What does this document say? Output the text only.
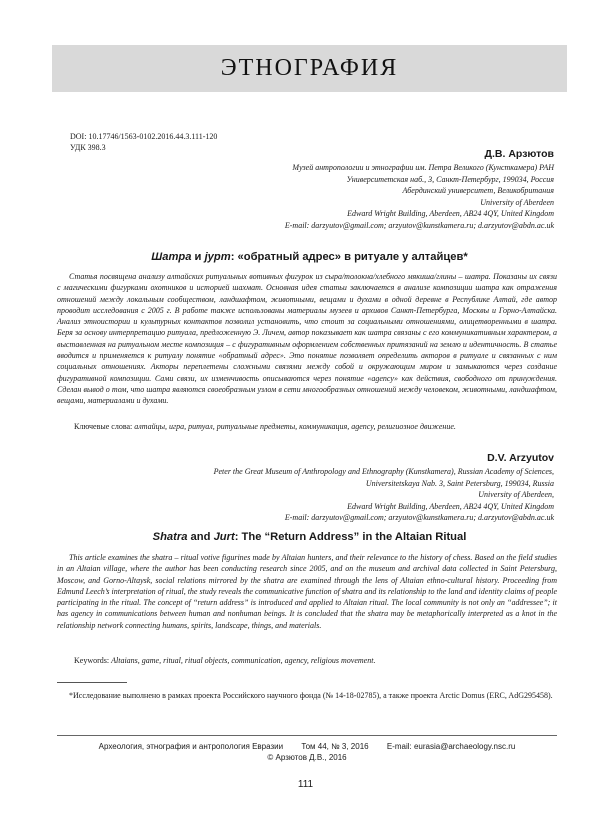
ЭТНОГРАФИЯ
DOI: 10.17746/1563-0102.2016.44.3.111-120
УДК 398.3
Д.В. Арзютов
Музей антропологии и этнографии им. Петра Великого (Кунсткамера) РАН
Университетская наб., 3, Санкт-Петербург, 199034, Россия
Абердинский университет, Великобритания
University of Aberdeen
Edward Wright Building, Aberdeen, AB24 4QY, United Kingdom
E-mail: darzyutov@gmail.com; arzyutov@kunstkamera.ru; d.arzyutov@abdn.ac.uk
Шатра и jурт: «обратный адрес» в ритуале у алтайцев*

Статья посвящена анализу алтайских ритуальных вотивных фигурок из сыра/толокна/хлебного мякиша/глины – шатра. Показаны их связи с магическими фигурками охотников и историей шахмат. Основная идея статьи заключается в анализе композиции шатра как отражения отношений между локальным сообществом, ландшафтом, животными, вещами и духами в одной деревне в Республике Алтай, где автор проводит исследования с 2005 г. В работе также использованы материалы музеев и архивов Санкт-Петербурга, Москвы и Горно-Алтайска. Анализ этноистории и культурных контактов позволил установить, что стоит за социальными отношениями, олицетворенными в шатра. Беря за основу интерпретацию ритуала, предложенную Э. Личем, автор показывает как шатра связаны с его коммуникативным характером, а выставленная на ритуальном месте композиция – с фигуративным оформлением собственных притязаний на землю и идентичность. В статье вводится и применяется к ритуалу понятие «обратный адрес». Это понятие позволяет определить акторов в ритуале и связанных с ним социальных отношениях. Акторы переплетены сложными связями между собой и окружающим миром и замыкаются через создание фигуративной композиции. Сами связи, их изменчивость описываются через понятие «agency» как действия, свободного от принуждения. Сделан вывод о том, что шатра являются своеобразным узлом в сети многообразных отношений между человеком, животными, ландшафтом, вещами, материалами и духами.

Ключевые слова: алтайцы, игра, ритуал, ритуальные предметы, коммуникация, agency, религиозное движение.
D.V. Arzyutov
Peter the Great Museum of Anthropology and Ethnography (Kunstkamera), Russian Academy of Sciences,
Universitetskaya Nab. 3, Saint Petersburg, 199034, Russia
University of Aberdeen,
Edward Wright Building, Aberdeen, AB24 4QY, United Kingdom
E-mail: darzyutov@gmail.com; arzyutov@kunstkamera.ru; d.arzyutov@abdn.ac.uk
Shatra and Jurt: The “Return Address” in the Altaian Ritual

This article examines the shatra – ritual votive figurines made by Altaian hunters, and their relevance to the history of chess. Based on the field studies in an Altaian village, where the author has been conducting research since 2005, and on the museum and archival data collected in Saint Petersburg, Moscow, and Gorno-Altaysk, social relations mirrored by the shatra are examined through the lens of Altaian ethno-cultural history. Proceeding from Edmund Leech’s interpretation of ritual, the study reveals the communicative function of shatra and its relationship to the land and identity claims of people participating in the ritual. The concept of “return address” is introduced and applied to Altaian ritual. The local community is not only an “addressee”; it has agency in communications between human and nonhuman beings. It is concluded that the shatra may be metaphorically interpreted as a knot in the relationship network connecting humans, spirits, landscape, things, and materials.

Keywords: Altaians, game, ritual, ritual objects, communication, agency, religious movement.
*Исследование выполнено в рамках проекта Российского научного фонда (№ 14-18-02785), а также проекта Arctic Domus (ERC, AdG295458).
Археология, этнография и антропология Евразии Том 44, № 3, 2016 E-mail: eurasia@archaeology.nsc.ru
© Арзютов Д.В., 2016
111
